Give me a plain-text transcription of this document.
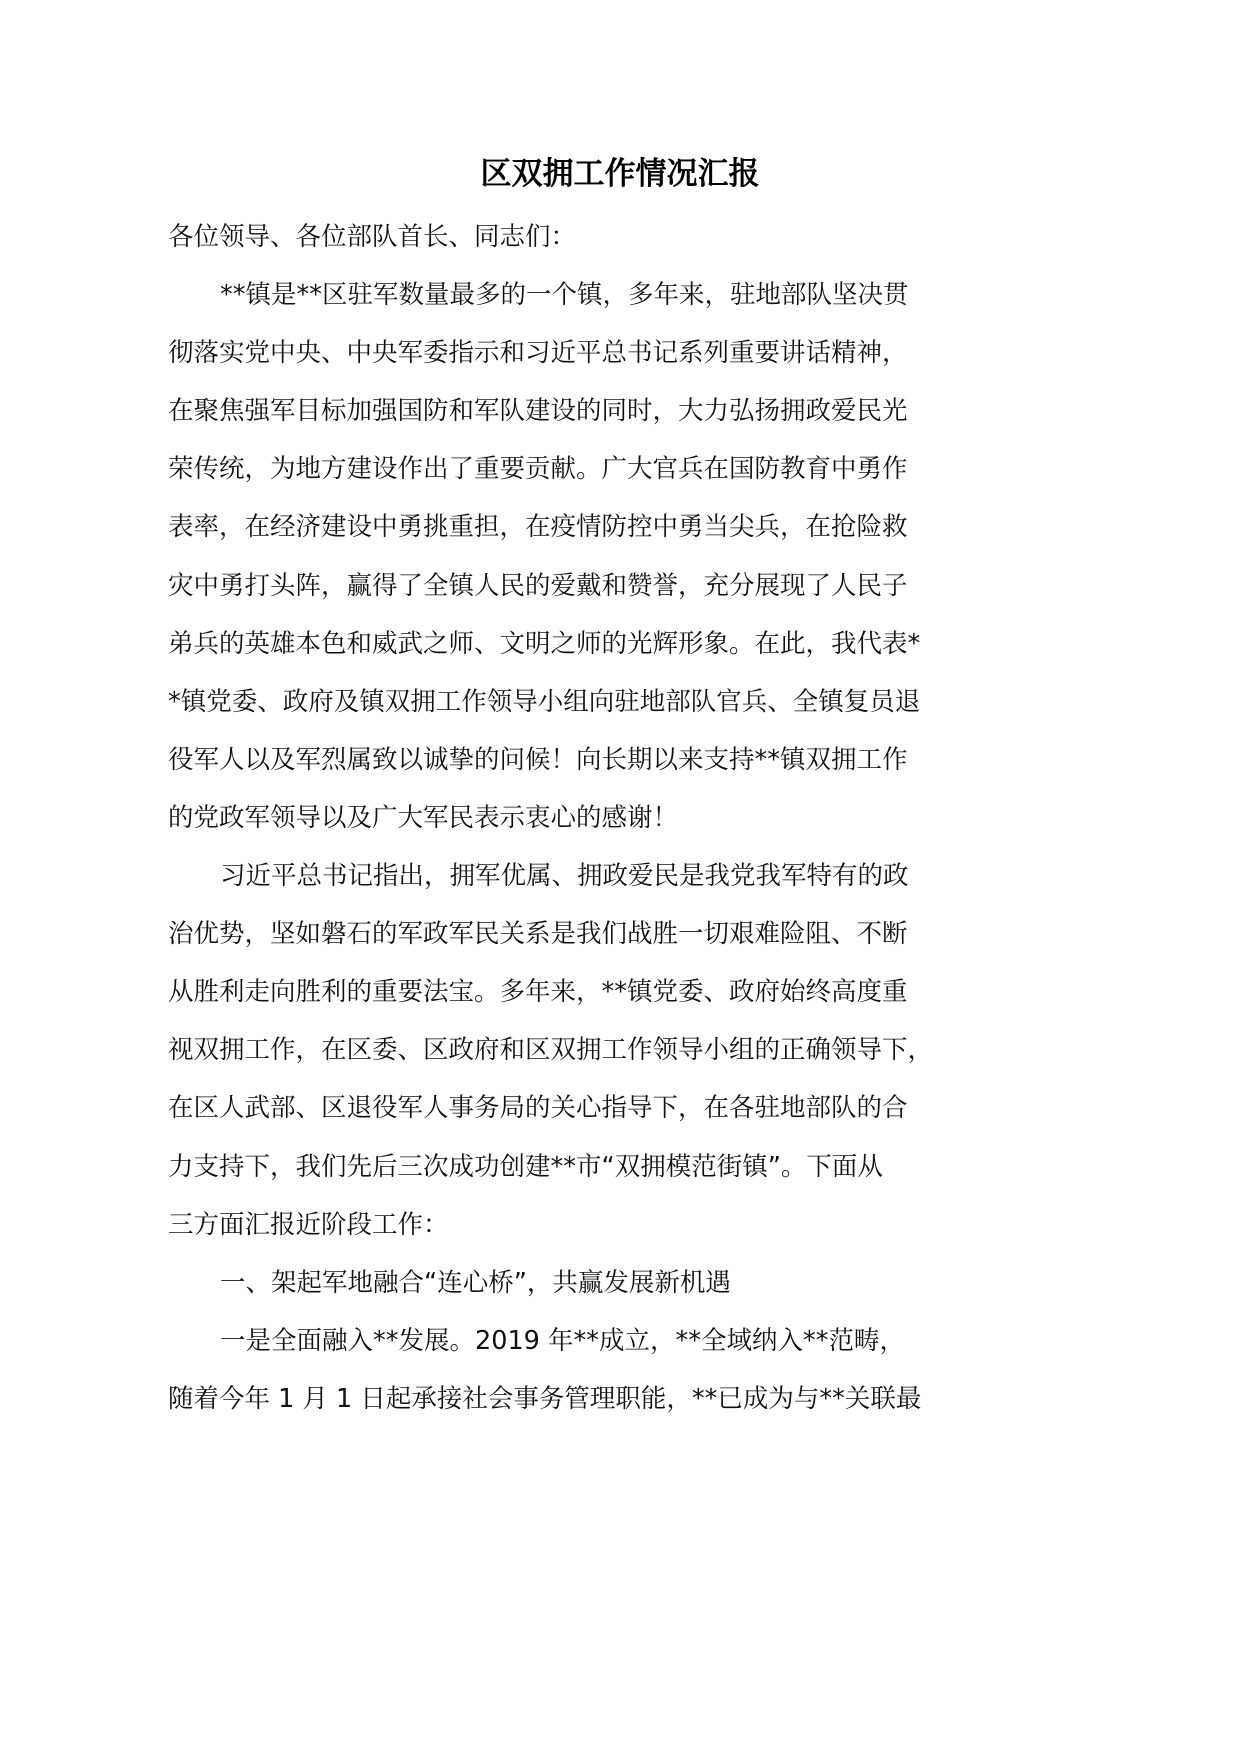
区双拥工作情况汇报
各位领导、各位部队首长、同志们：
**镇是**区驻军数量最多的一个镇，多年来，驻地部队坚决贯
彻落实党中央、中央军委指示和习近平总书记系列重要讲话精神，
在聚焦强军目标加强国防和军队建设的同时，大力弘扬拥政爱民光
荣传统，为地方建设作出了重要贡献。广大官兵在国防教育中勇作
表率，在经济建设中勇挑重担，在疫情防控中勇当尖兵，在抢险救
灾中勇打头阵，赢得了全镇人民的爱戴和赞誉，充分展现了人民子
弟兵的英雄本色和威武之师、文明之师的光辉形象。在此，我代表*
*镇党委、政府及镇双拥工作领导小组向驻地部队官兵、全镇复员退
役军人以及军烈属致以诚挚的问候！向长期以来支持**镇双拥工作
的党政军领导以及广大军民表示衷心的感谢！
习近平总书记指出，拥军优属、拥政爱民是我党我军特有的政
治优势，坚如磐石的军政军民关系是我们战胜一切艰难险阻、不断
从胜利走向胜利的重要法宝。多年来，**镇党委、政府始终高度重
视双拥工作，在区委、区政府和区双拥工作领导小组的正确领导下，
在区人武部、区退役军人事务局的关心指导下，在各驻地部队的合
力支持下，我们先后三次成功创建**市“双拥模范街镇”。下面从
三方面汇报近阶段工作：
一、架起军地融合“连心桥”，共赢发展新机遇
一是全面融入**发展。2019 年**成立，**全域纳入**范畴，
随着今年 1 月 1 日起承接社会事务管理职能，**已成为与**关联最
